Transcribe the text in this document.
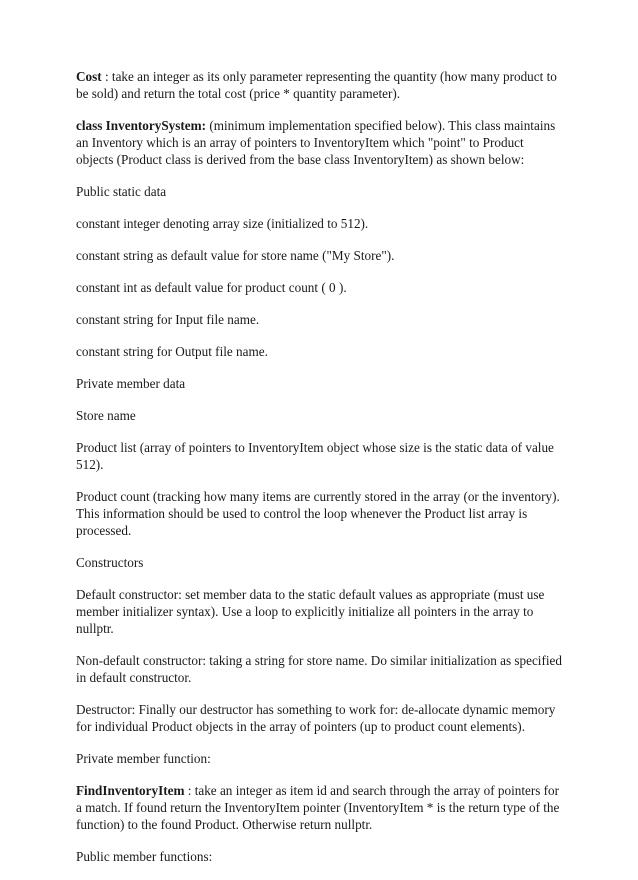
Cost : take an integer as its only parameter representing the quantity (how many product to be sold) and return the total cost (price * quantity parameter).

class InventorySystem: (minimum implementation specified below). This class maintains an Inventory which is an array of pointers to InventoryItem which "point" to Product objects (Product class is derived from the base class InventoryItem) as shown below:

Public static data

constant integer denoting array size (initialized to 512).

constant string as default value for store name ("My Store").

constant int as default value for product count ( 0 ).

constant string for Input file name.

constant string for Output file name.

Private member data

Store name

Product list (array of pointers to InventoryItem object whose size is the static data of value 512).

Product count (tracking how many items are currently stored in the array (or the inventory). This information should be used to control the loop whenever the Product list array is processed.

Constructors

Default constructor: set member data to the static default values as appropriate (must use member initializer syntax). Use a loop to explicitly initialize all pointers in the array to nullptr.

Non-default constructor: taking a string for store name. Do similar initialization as specified in default constructor.

Destructor: Finally our destructor has something to work for: de-allocate dynamic memory for individual Product objects in the array of pointers (up to product count elements).

Private member function:

FindInventoryItem : take an integer as item id and search through the array of pointers for a match. If found return the InventoryItem pointer (InventoryItem * is the return type of the function) to the found Product. Otherwise return nullptr.

Public member functions:
